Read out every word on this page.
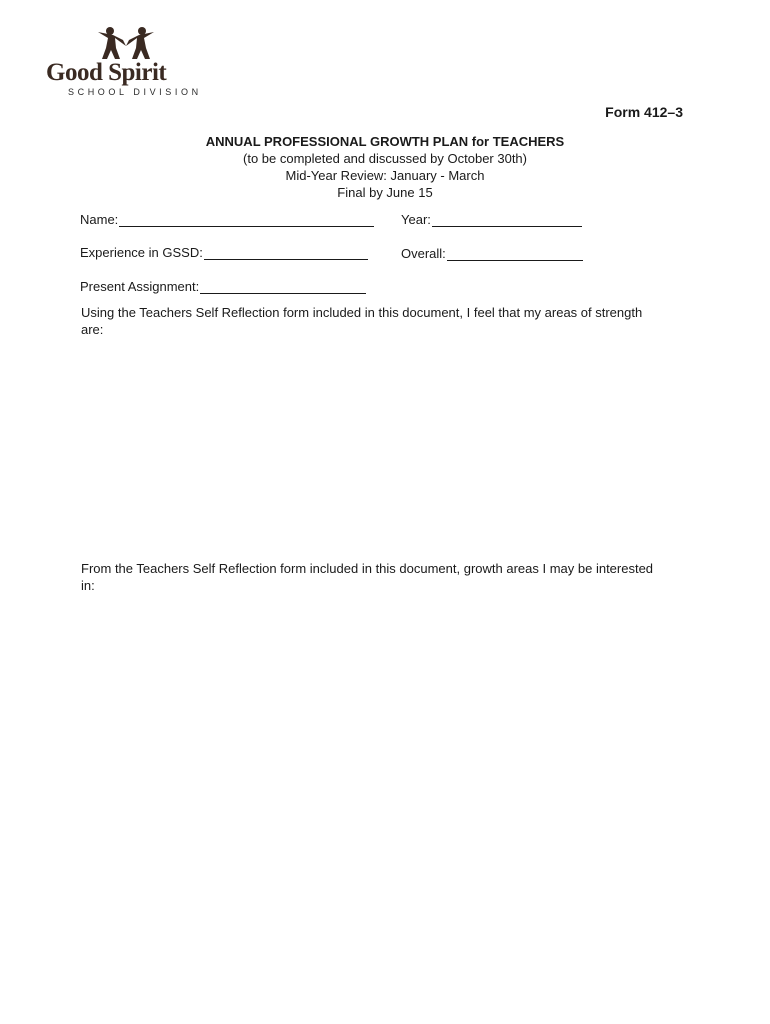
Good Spirit
SCHOOL DIVISION
Form 412–3
ANNUAL PROFESSIONAL GROWTH PLAN for TEACHERS
(to be completed and discussed by October 30th)
Mid-Year Review: January - March
Final by June 15
Name:	Year:
Experience in GSSD:	Overall:
Present Assignment:
Using the Teachers Self Reflection form included in this document, I feel that my areas of strength are:
From the Teachers Self Reflection form included in this document, growth areas I may be interested in:
